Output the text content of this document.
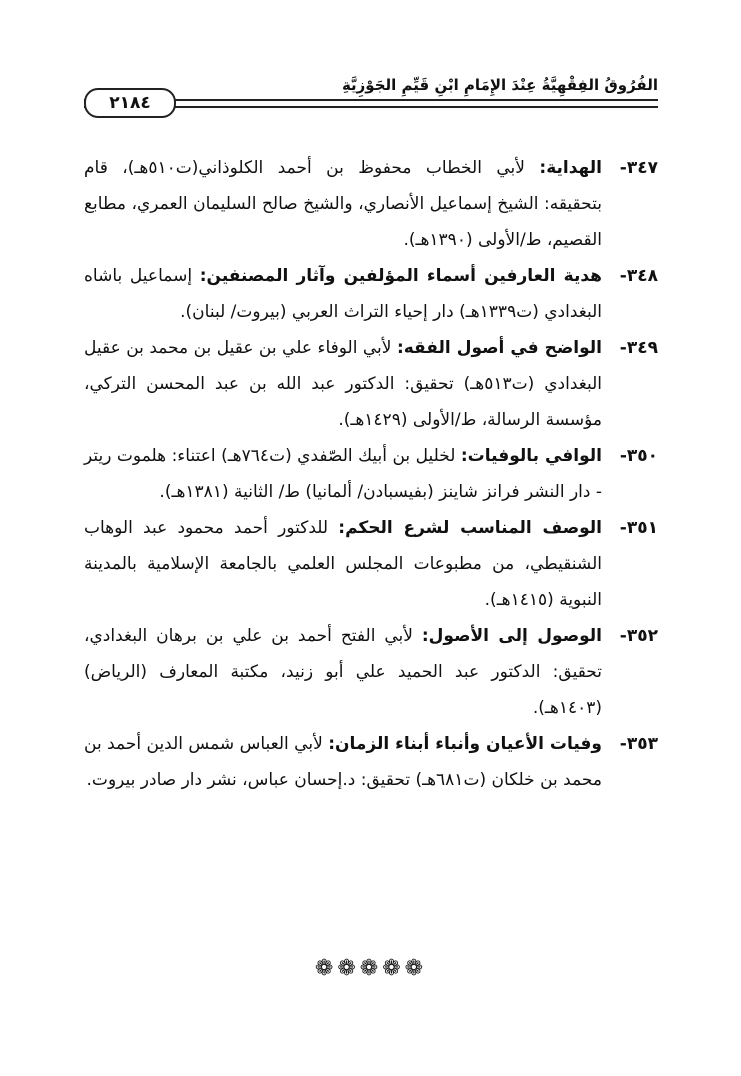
الفُرُوقُ الفِقْهِيَّةُ عِنْدَ الإِمَامِ ابْنِ قَيِّمِ الجَوْزِيَّةِ
٢١٨٤

٣٤٧-الهداية: لأبي الخطاب محفوظ بن أحمد الكلوذاني(ت٥١٠هـ)، قام بتحقيقه: الشيخ إسماعيل الأنصاري، والشيخ صالح السليمان العمري، مطابع القصيم، ط/الأولى (١٣٩٠هـ).

٣٤٨-هدية العارفين أسماء المؤلفين وآثار المصنفين: إسماعيل باشاه البغدادي (ت١٣٣٩هـ) دار إحياء التراث العربي (بيروت/ لبنان).

٣٤٩-الواضح في أصول الفقه: لأبي الوفاء علي بن عقيل بن محمد بن عقيل البغدادي (ت٥١٣هـ) تحقيق: الدكتور عبد الله بن عبد المحسن التركي، مؤسسة الرسالة، ط/الأولى (١٤٢٩هـ).

٣٥٠-الوافي بالوفيات: لخليل بن أبيك الصّفدي (ت٧٦٤هـ) اعتناء: هلموت ريتر - دار النشر فرانز شاينز (بفيسبادن/ ألمانيا) ط/ الثانية (١٣٨١هـ).

٣٥١-الوصف المناسب لشرع الحكم: للدكتور أحمد محمود عبد الوهاب الشنقيطي، من مطبوعات المجلس العلمي بالجامعة الإسلامية بالمدينة النبوية (١٤١٥هـ).

٣٥٢-الوصول إلى الأصول: لأبي الفتح أحمد بن علي بن برهان البغدادي، تحقيق: الدكتور عبد الحميد علي أبو زنيد، مكتبة المعارف (الرياض) (١٤٠٣هـ).

٣٥٣-وفيات الأعيان وأنباء أبناء الزمان: لأبي العباس شمس الدين أحمد بن محمد بن خلكان (ت٦٨١هـ) تحقيق: د.إحسان عباس، نشر دار صادر بيروت.

❁❁❁❁❁
